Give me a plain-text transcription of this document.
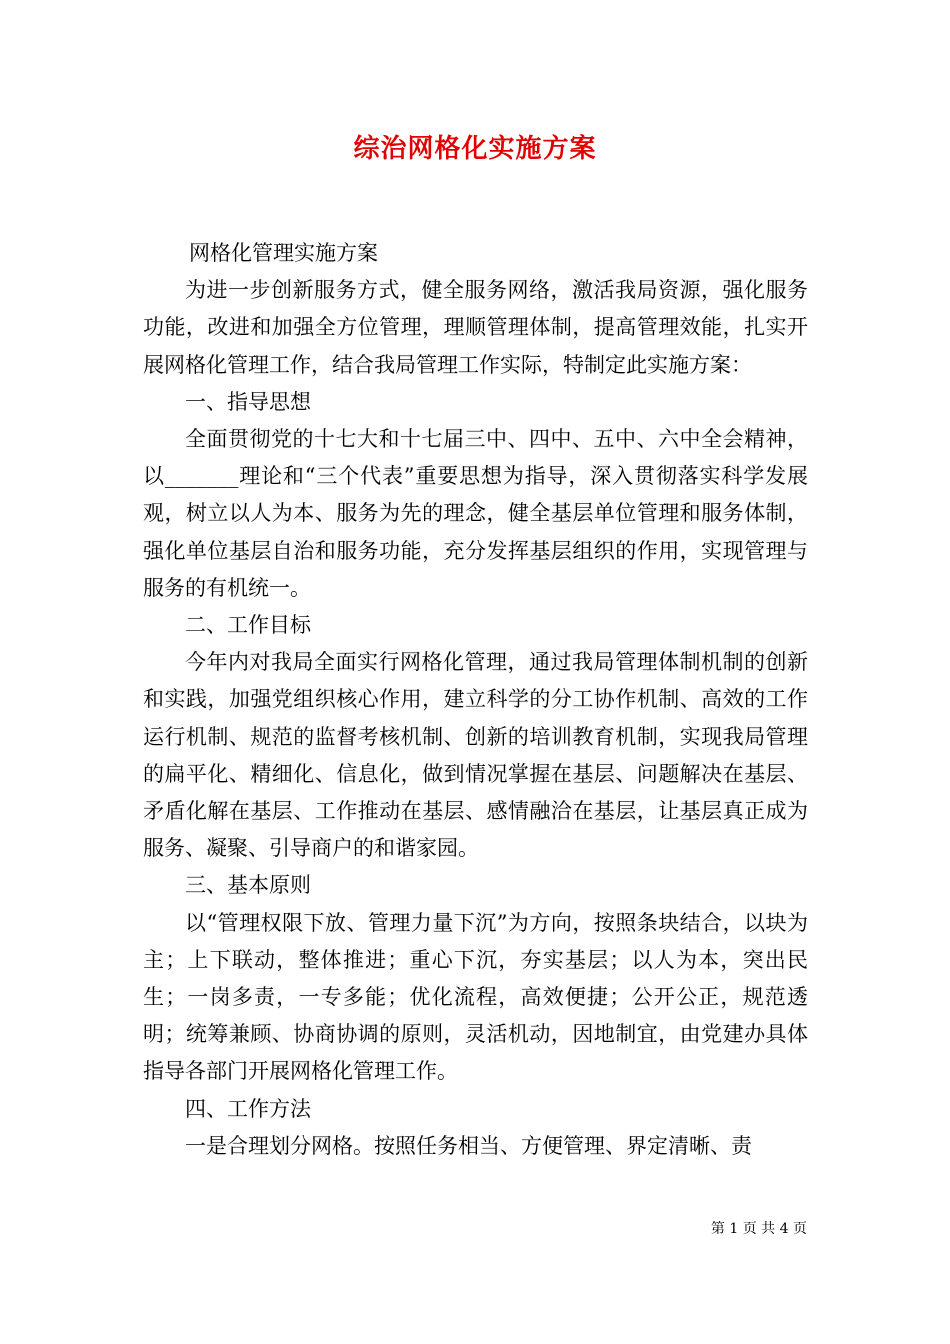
综治网格化实施方案

网格化管理实施方案

为进一步创新服务方式，健全服务网络，激活我局资源，强化服务功能，改进和加强全方位管理，理顺管理体制，提高管理效能，扎实开展网格化管理工作，结合我局管理工作实际，特制定此实施方案：

一、指导思想

全面贯彻党的十七大和十七届三中、四中、五中、六中全会精神，以_______理论和“三个代表”重要思想为指导，深入贯彻落实科学发展观，树立以人为本、服务为先的理念，健全基层单位管理和服务体制，强化单位基层自治和服务功能，充分发挥基层组织的作用，实现管理与服务的有机统一。

二、工作目标

今年内对我局全面实行网格化管理，通过我局管理体制机制的创新和实践，加强党组织核心作用，建立科学的分工协作机制、高效的工作运行机制、规范的监督考核机制、创新的培训教育机制，实现我局管理的扁平化、精细化、信息化，做到情况掌握在基层、问题解决在基层、矛盾化解在基层、工作推动在基层、感情融洽在基层，让基层真正成为服务、凝聚、引导商户的和谐家园。

三、基本原则

以“管理权限下放、管理力量下沉”为方向，按照条块结合，以块为主；上下联动，整体推进；重心下沉，夯实基层；以人为本，突出民生；一岗多责，一专多能；优化流程，高效便捷；公开公正，规范透明；统筹兼顾、协商协调的原则，灵活机动，因地制宜，由党建办具体指导各部门开展网格化管理工作。

四、工作方法

一是合理划分网格。按照任务相当、方便管理、界定清晰、责

第 1 页 共 4 页
